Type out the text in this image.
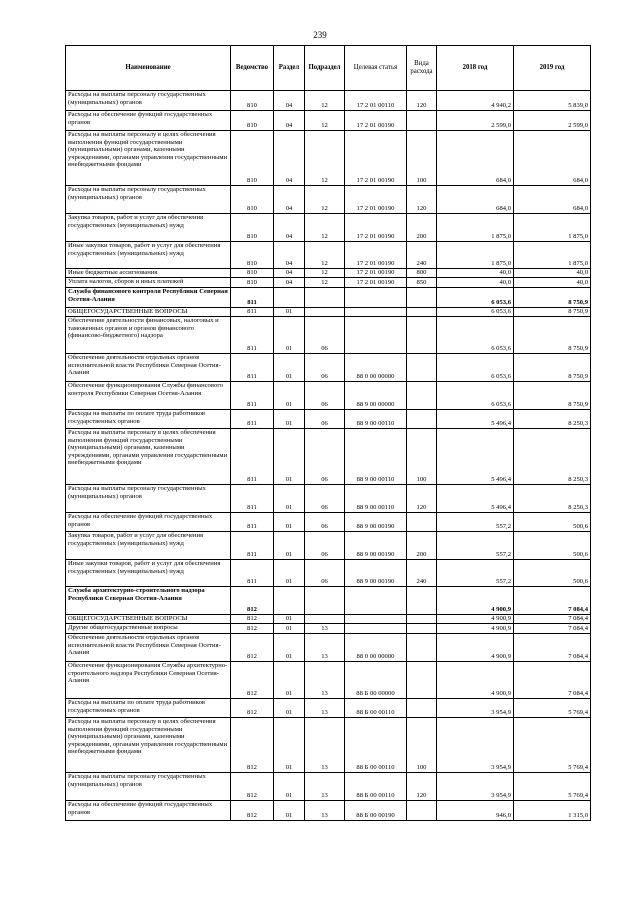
239
Наименование	Ведомство	Раздел	Подраздел	Целевая статья	Вида расхода	2018 год	2019 год
Расходы на выплаты персоналу государственных (муниципальных) органов	810	04	12	17 2 01 00110	120	4 940,2	5 839,0
Расходы на обеспечение функций государственных органов	810	04	12	17 2 01 00190		2 599,0	2 599,0
Расходы на выплаты персоналу в целях обеспечения выполнения функций государственными (муниципальными) органами, казенными учреждениями, органами управления государственными внебюджетными фондами	810	04	12	17 2 01 00190	100	684,0	684,0
Расходы на выплаты персоналу государственных (муниципальных) органов	810	04	12	17 2 01 00190	120	684,0	684,0
Закупка товаров, работ и услуг для обеспечения государственных (муниципальных) нужд	810	04	12	17 2 01 00190	200	1 875,0	1 875,0
Иные закупки товаров, работ и услуг для обеспечения государственных (муниципальных) нужд	810	04	12	17 2 01 00190	240	1 875,0	1 875,0
Иные бюджетные ассигнования	810	04	12	17 2 01 00190	800	40,0	40,0
Уплата налогов, сборов и иных платежей	810	04	12	17 2 01 00190	850	40,0	40,0
Служба финансового контроля Республики Северная Осетия-Алания	811					6 053,6	8 750,9
ОБЩЕГОСУДАРСТВЕННЫЕ ВОПРОСЫ	811	01				6 053,6	8 750,9
Обеспечение деятельности финансовых, налоговых и таможенных органов и органов финансового (финансово-бюджетного) надзора	811	01	06			6 053,6	8 750,9
Обеспечение деятельности отдельных органов исполнительной власти Республики Северная Осетия-Алания	811	01	06	88 0 00 00000		6 053,6	8 750,9
Обеспечение функционирования Службы финансового контроля Республики Северная Осетия-Алания	811	01	06	88 9 00 00000		6 053,6	8 750,9
Расходы на выплаты по оплате труда работников государственных органов	811	01	06	88 9 00 00110		5 496,4	8 250,3
Расходы на выплаты персоналу в целях обеспечения выполнения функций государственными (муниципальными) органами, казенными учреждениями, органами управления государственными внебюджетными фондами	811	01	06	88 9 00 00110	100	5 496,4	8 250,3
Расходы на выплаты персоналу государственных (муниципальных) органов	811	01	06	88 9 00 00110	120	5 496,4	8 250,3
Расходы на обеспечение функций государственных органов	811	01	06	88 9 00 00190		557,2	500,6
Закупка товаров, работ и услуг для обеспечения государственных (муниципальных) нужд	811	01	06	88 9 00 00190	200	557,2	500,6
Иные закупки товаров, работ и услуг для обеспечения государственных (муниципальных) нужд	811	01	06	88 9 00 00190	240	557,2	500,6
Служба архитектурно-строительного надзора Республики Северная Осетия-Алания	812					4 900,9	7 084,4
ОБЩЕГОСУДАРСТВЕННЫЕ ВОПРОСЫ	812	01				4 900,9	7 084,4
Другие общегосударственные вопросы	812	01	13			4 900,9	7 084,4
Обеспечение деятельности отдельных органов исполнительной власти Республики Северная Осетия-Алания	812	01	13	88 0 00 00000		4 900,9	7 084,4
Обеспечение функционирования Службы архитектурно-строительного надзора Республики Северная Осетия-Алания	812	01	13	88 Б 00 00000		4 900,9	7 084,4
Расходы на выплаты по оплате труда работников государственных органов	812	01	13	88 Б 00 00110		3 954,9	5 769,4
Расходы на выплаты персоналу в целях обеспечения выполнения функций государственными (муниципальными) органами, казенными учреждениями, органами управления государственными внебюджетными фондами	812	01	13	88 Б 00 00110	100	3 954,9	5 769,4
Расходы на выплаты персоналу государственных (муниципальных) органов	812	01	13	88 Б 00 00110	120	3 954,9	5 769,4
Расходы на обеспечение функций государственных органов	812	01	13	88 Б 00 00190		946,0	1 315,0
